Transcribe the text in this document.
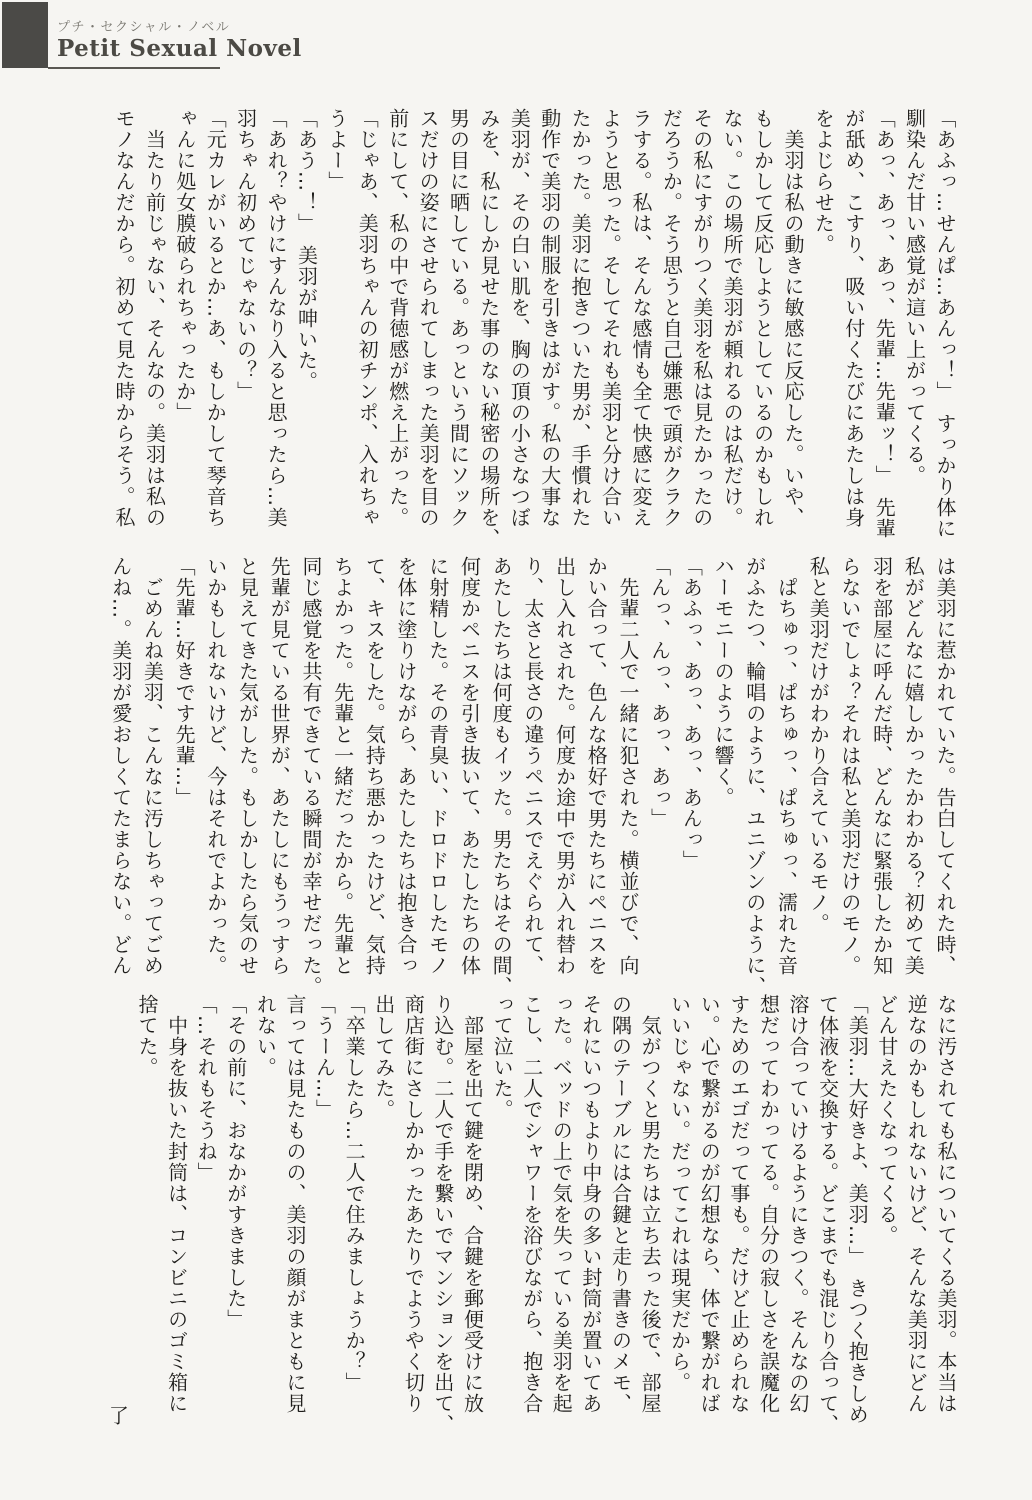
プチ・セクシャル・ノベル
Petit Sexual Novel
「あふっ…せんぱ…あんっ！」　すっかり体に
馴染んだ甘い感覚が這い上がってくる。
「あっ、あっ、あっ、先輩…先輩ッ！」　先輩
が舐め、こすり、吸い付くたびにあたしは身
をよじらせた。
　美羽は私の動きに敏感に反応した。いや、
もしかして反応しようとしているのかもしれ
ない。この場所で美羽が頼れるのは私だけ。
その私にすがりつく美羽を私は見たかったの
だろうか。そう思うと自己嫌悪で頭がクラク
ラする。私は、そんな感情も全て快感に変え
ようと思った。そしてそれも美羽と分け合い
たかった。美羽に抱きついた男が、手慣れた
動作で美羽の制服を引きはがす。私の大事な
美羽が、その白い肌を、胸の頂の小さなつぼ
みを、私にしか見せた事のない秘密の場所を、
男の目に晒している。あっという間にソック
スだけの姿にさせられてしまった美羽を目の
前にして、私の中で背徳感が燃え上がった。
「じゃあ、美羽ちゃんの初チンポ、入れちゃ
うよー」
「あう…！」　美羽が呻いた。
「あれ？やけにすんなり入ると思ったら…美
羽ちゃん初めてじゃないの？」
「元カレがいるとか…あ、もしかして琴音ち
ゃんに処女膜破られちゃったか」
　当たり前じゃない、そんなの。美羽は私の
モノなんだから。初めて見た時からそう。私
は美羽に惹かれていた。告白してくれた時、
私がどんなに嬉しかったかわかる？初めて美
羽を部屋に呼んだ時、どんなに緊張したか知
らないでしょ？それは私と美羽だけのモノ。
私と美羽だけがわかり合えているモノ。
　ぱちゅっ、ぱちゅっ、ぱちゅっ、濡れた音
がふたつ、輪唱のように、ユニゾンのように、
ハーモニーのように響く。
「あふっ、あっ、あっ、あんっ」
「んっ、んっ、あっ、あっ」
　先輩二人で一緒に犯された。横並びで、向
かい合って、色んな格好で男たちにペニスを
出し入れされた。何度か途中で男が入れ替わ
り、太さと長さの違うペニスでえぐられて、
あたしたちは何度もイッた。男たちはその間、
何度かペニスを引き抜いて、あたしたちの体
に射精した。その青臭い、ドロドロしたモノ
を体に塗りけながら、あたしたちは抱き合っ
て、キスをした。気持ち悪かったけど、気持
ちよかった。先輩と一緒だったから。先輩と
同じ感覚を共有できている瞬間が幸せだった。
先輩が見ている世界が、あたしにもうっすら
と見えてきた気がした。もしかしたら気のせ
いかもしれないけど、今はそれでよかった。
「先輩…好きです先輩…」
　ごめんね美羽、こんなに汚しちゃってごめ
んね…。美羽が愛おしくてたまらない。どん
なに汚されても私についてくる美羽。本当は
逆なのかもしれないけど、そんな美羽にどん
どん甘えたくなってくる。
「美羽…大好きよ、美羽…」　きつく抱きしめ
て体液を交換する。どこまでも混じり合って、
溶け合っていけるようにきつく。そんなの幻
想だってわかってる。自分の寂しさを誤魔化
すためのエゴだって事も。だけど止められな
い。心で繋がるのが幻想なら、体で繋がれば
いいじゃない。だってこれは現実だから。
　気がつくと男たちは立ち去った後で、部屋
の隅のテーブルには合鍵と走り書きのメモ、
それにいつもより中身の多い封筒が置いてあ
った。ベッドの上で気を失っている美羽を起
こし、二人でシャワーを浴びながら、抱き合
って泣いた。
　部屋を出て鍵を閉め、合鍵を郵便受けに放
り込む。二人で手を繋いでマンションを出て、
商店街にさしかかったあたりでようやく切り
出してみた。
「卒業したら…二人で住みましょうか？」
「うーん…」
言っては見たものの、美羽の顔がまともに見
れない。
「その前に、おなかがすきました」
「…それもそうね」
　中身を抜いた封筒は、コンビニのゴミ箱に
捨てた。
了
